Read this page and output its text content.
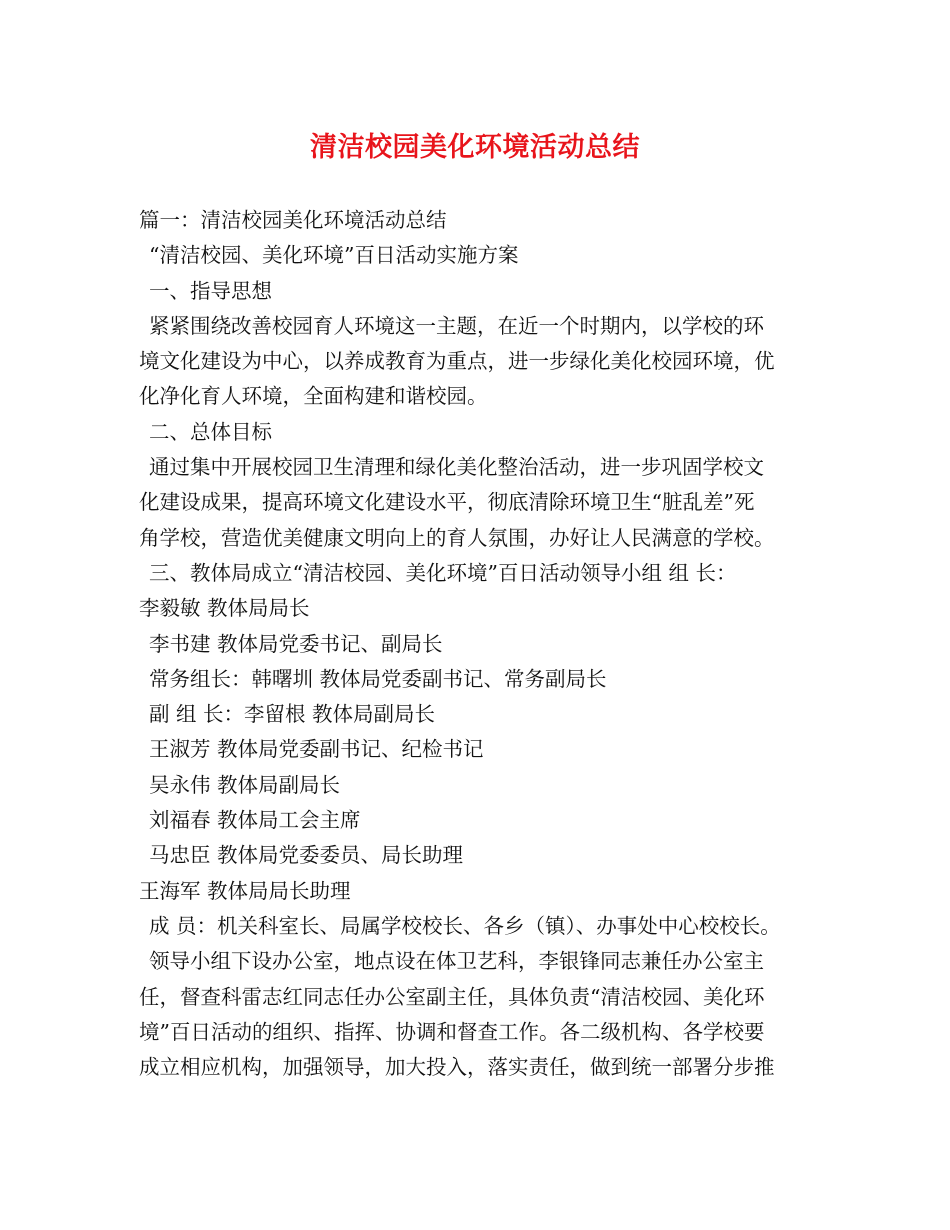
清洁校园美化环境活动总结
篇一：清洁校园美化环境活动总结
“清洁校园、美化环境”百日活动实施方案
一、指导思想
紧紧围绕改善校园育人环境这一主题，在近一个时期内，以学校的环
境文化建设为中心，以养成教育为重点，进一步绿化美化校园环境，优
化净化育人环境，全面构建和谐校园。
二、总体目标
通过集中开展校园卫生清理和绿化美化整治活动，进一步巩固学校文
化建设成果，提高环境文化建设水平，彻底清除环境卫生“脏乱差”死
角学校，营造优美健康文明向上的育人氛围，办好让人民满意的学校。
三、教体局成立“清洁校园、美化环境”百日活动领导小组 组 长：
李毅敏 教体局局长
李书建 教体局党委书记、副局长
常务组长：韩曙圳 教体局党委副书记、常务副局长
副 组 长：李留根 教体局副局长
王淑芳 教体局党委副书记、纪检书记
吴永伟 教体局副局长
刘福春 教体局工会主席
马忠臣 教体局党委委员、局长助理
王海军 教体局局长助理
成 员：机关科室长、局属学校校长、各乡（镇）、办事处中心校校长。
领导小组下设办公室，地点设在体卫艺科，李银锋同志兼任办公室主
任，督查科雷志红同志任办公室副主任，具体负责“清洁校园、美化环
境”百日活动的组织、指挥、协调和督查工作。各二级机构、各学校要
成立相应机构，加强领导，加大投入，落实责任，做到统一部署分步推
